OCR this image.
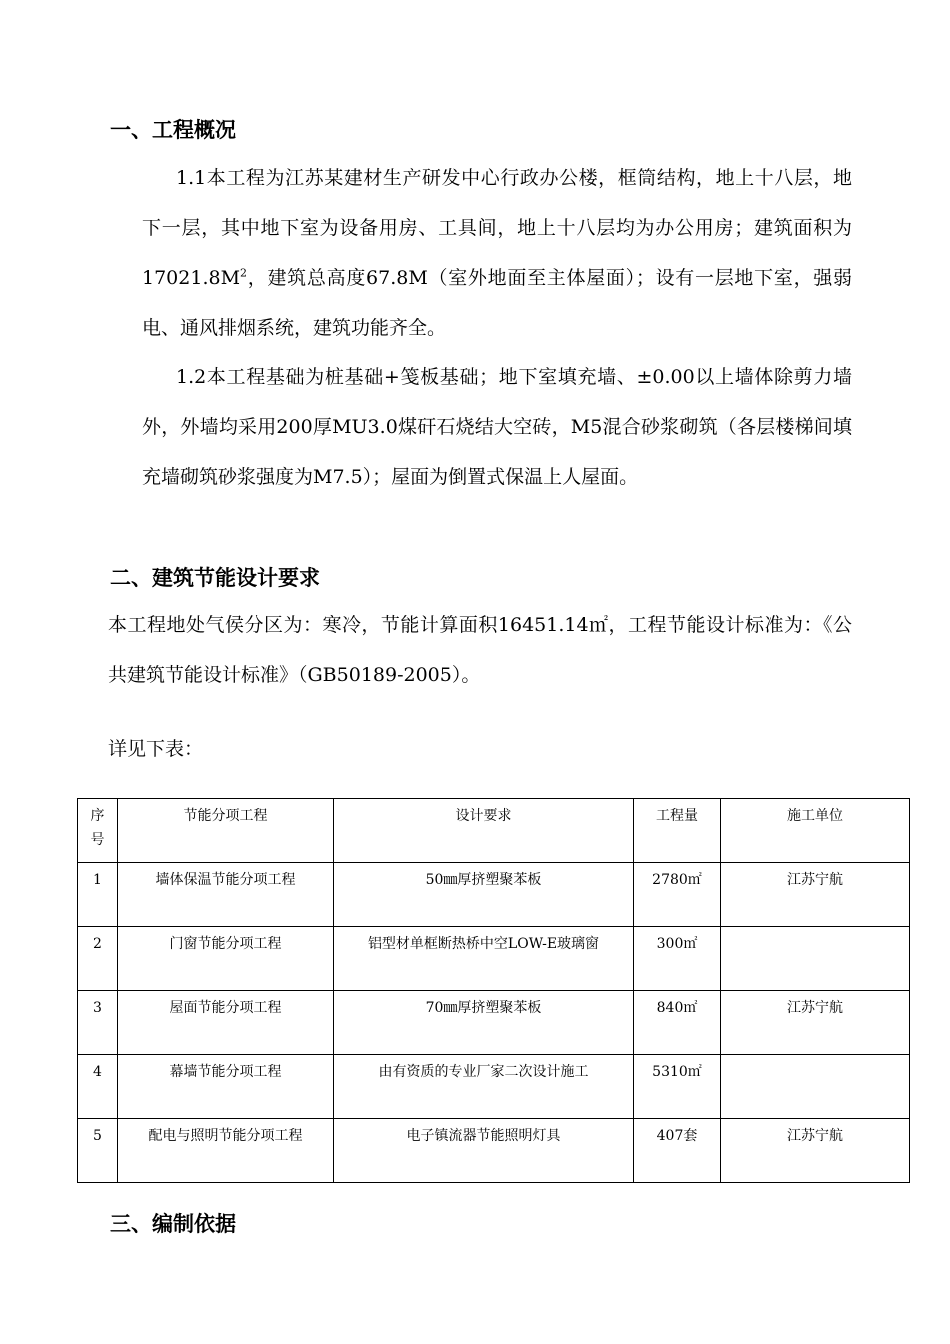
一、工程概况
1.1本工程为江苏某建材生产研发中心行政办公楼，框筒结构，地上十八层，地下一层，其中地下室为设备用房、工具间，地上十八层均为办公用房；建筑面积为$17021.8M^2$，建筑总高度67.8M（室外地面至主体屋面）；设有一层地下室，强弱电、通风排烟系统，建筑功能齐全。
1.2本工程基础为桩基础+笺板基础；地下室填充墙、±0.00以上墙体除剪力墙外，外墙均采用200厚MU3.0煤矸石烧结大空砖，M5混合砂浆砌筑（各层楼梯间填充墙砌筑砂浆强度为M7.5）；屋面为倒置式保温上人屋面。
二、建筑节能设计要求
本工程地处气侯分区为：寒冷，节能计算面积16451.14㎡，工程节能设计标准为：《公共建筑节能设计标准》（GB50189-2005）。
详见下表：
序号	节能分项工程	设计要求	工程量	施工单位
1	墙体保温节能分项工程	50㎜厚挤塑聚苯板	2780㎡	江苏宁航
2	门窗节能分项工程	铝型材单框断热桥中空LOW-E玻璃窗	300㎡	
3	屋面节能分项工程	70㎜厚挤塑聚苯板	840㎡	江苏宁航
4	幕墙节能分项工程	由有资质的专业厂家二次设计施工	5310㎡	
5	配电与照明节能分项工程	电子镇流器节能照明灯具	407套	江苏宁航
三、编制依据
